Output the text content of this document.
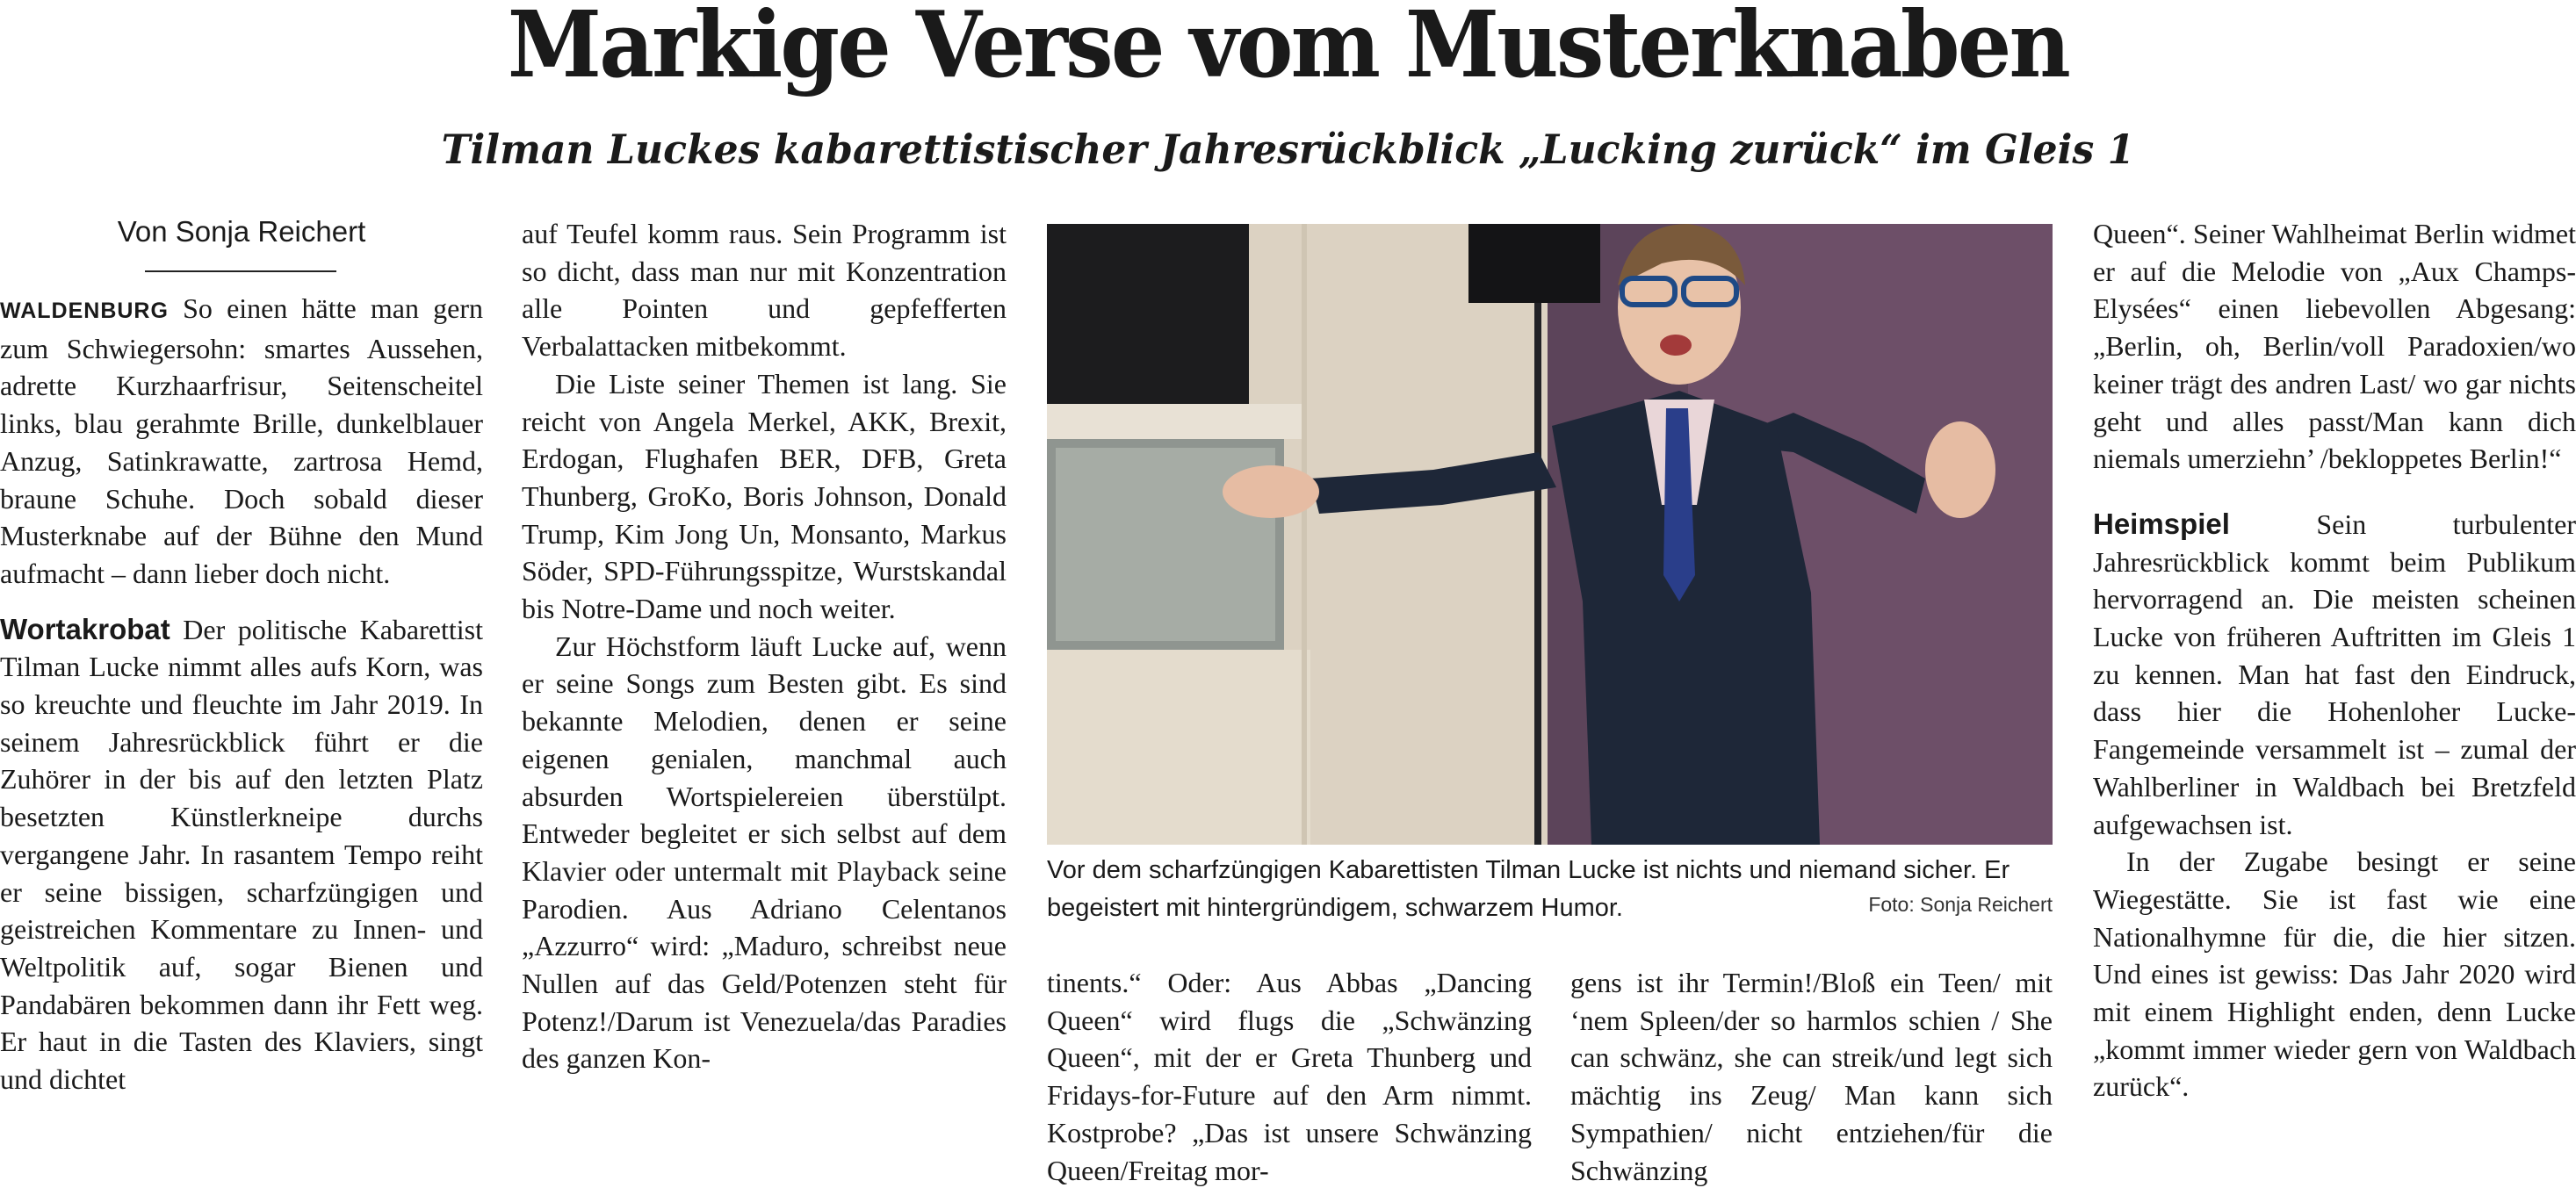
Markige Verse vom Musterknaben
Tilman Luckes kabarettistischer Jahresrückblick „Lucking zurück“ im Gleis 1
Von Sonja Reichert

WALDENBURG So einen hätte man gern zum Schwiegersohn: smartes Aussehen, adrette Kurzhaarfrisur, Seitenscheitel links, blau gerahmte Brille, dunkelblauer Anzug, Satinkrawatte, zartrosa Hemd, braune Schuhe. Doch sobald dieser Musterknabe auf der Bühne den Mund aufmacht – dann lieber doch nicht.

Wortakrobat Der politische Kabarettist Tilman Lucke nimmt alles aufs Korn, was so kreuchte und fleuchte im Jahr 2019. In seinem Jahresrückblick führt er die Zuhörer in der bis auf den letzten Platz besetzten Künstlerkneipe durchs vergangene Jahr. In rasantem Tempo reiht er seine bissigen, scharfzüngigen und geistreichen Kommentare zu Innen- und Weltpolitik auf, sogar Bienen und Pandabären bekommen dann ihr Fett weg. Er haut in die Tasten des Klaviers, singt und dichtet

auf Teufel komm raus. Sein Programm ist so dicht, dass man nur mit Konzentration alle Pointen und gepfefferten Verbalattacken mitbekommt.

Die Liste seiner Themen ist lang. Sie reicht von Angela Merkel, AKK, Brexit, Erdogan, Flughafen BER, DFB, Greta Thunberg, GroKo, Boris Johnson, Donald Trump, Kim Jong Un, Monsanto, Markus Söder, SPD-Führungsspitze, Wurstskandal bis Notre-Dame und noch weiter.

Zur Höchstform läuft Lucke auf, wenn er seine Songs zum Besten gibt. Es sind bekannte Melodien, denen er seine eigenen genialen, manchmal auch absurden Wortspielereien überstülpt. Entweder begleitet er sich selbst auf dem Klavier oder untermalt mit Playback seine Parodien. Aus Adriano Celentanos „Azzurro“ wird: „Maduro, schreibst neue Nullen auf das Geld/Potenzen steht für Potenz!/Darum ist Venezuela/das Paradies des ganzen Kon-

Vor dem scharfzüngigen Kabarettisten Tilman Lucke ist nichts und niemand sicher. Er begeistert mit hintergründigem, schwarzem Humor.	Foto: Sonja Reichert

tinents.“ Oder: Aus Abbas „Dancing Queen“ wird flugs die „Schwänzing Queen“, mit der er Greta Thunberg und Fridays-for-Future auf den Arm nimmt. Kostprobe? „Das ist unsere Schwänzing Queen/Freitag mor-

gens ist ihr Termin!/Bloß ein Teen/ mit ‘nem Spleen/der so harmlos schien / She can schwänz, she can streik/und legt sich mächtig ins Zeug/ Man kann sich Sympathien/ nicht entziehen/für die Schwänzing

Queen“. Seiner Wahlheimat Berlin widmet er auf die Melodie von „Aux Champs-Elysées“ einen liebevollen Abgesang: „Berlin, oh, Berlin/voll Paradoxien/wo keiner trägt des andren Last/ wo gar nichts geht und alles passt/Man kann dich niemals umerziehn’ /bekloppetes Berlin!“

Heimspiel	Sein turbulenter Jahresrückblick kommt beim Publikum hervorragend an. Die meisten scheinen Lucke von früheren Auftritten im Gleis 1 zu kennen. Man hat fast den Eindruck, dass hier die Hohenloher Lucke-Fangemeinde versammelt ist – zumal der Wahlberliner in Waldbach bei Bretzfeld aufgewachsen ist.

In der Zugabe besingt er seine Wiegestätte. Sie ist fast wie eine Nationalhymne für die, die hier sitzen. Und eines ist gewiss: Das Jahr 2020 wird mit einem Highlight enden, denn Lucke „kommt immer wieder gern von Waldbach zurück“.
